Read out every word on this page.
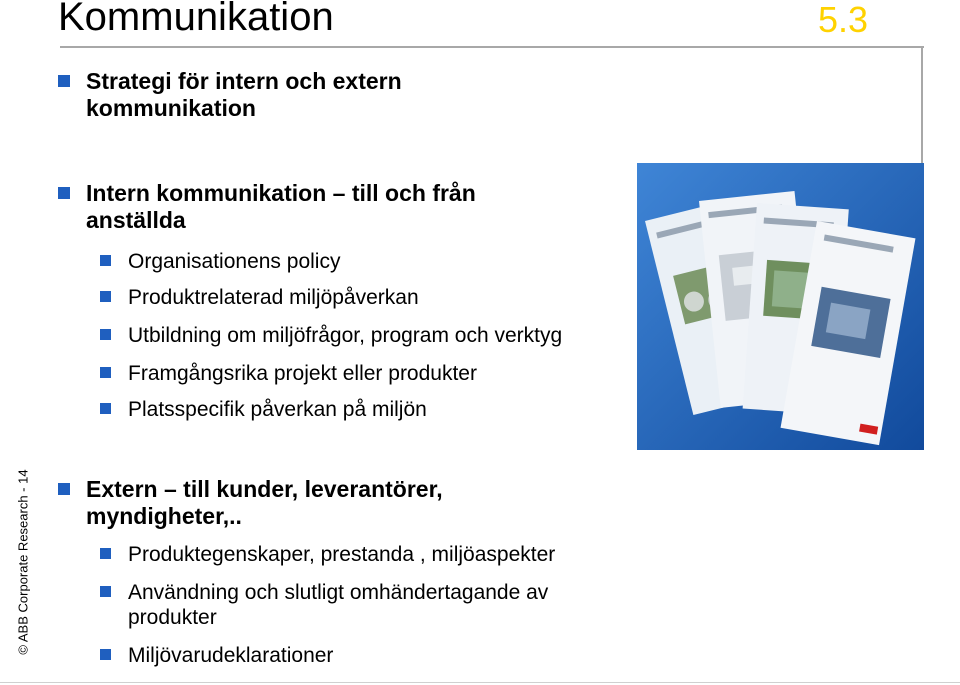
Kommunikation	5.3
© ABB Corporate Research - 14
Strategi för intern och extern kommunikation
Intern kommunikation – till och från anställda
Organisationens policy
Produktrelaterad miljöpåverkan
Utbildning om miljöfrågor, program och verktyg
Framgångsrika projekt eller produkter
Platsspecifik påverkan på miljön
Extern – till kunder, leverantörer, myndigheter,..
Produktegenskaper, prestanda , miljöaspekter
Användning och slutligt omhändertagande av produkter
Miljövarudeklarationer
